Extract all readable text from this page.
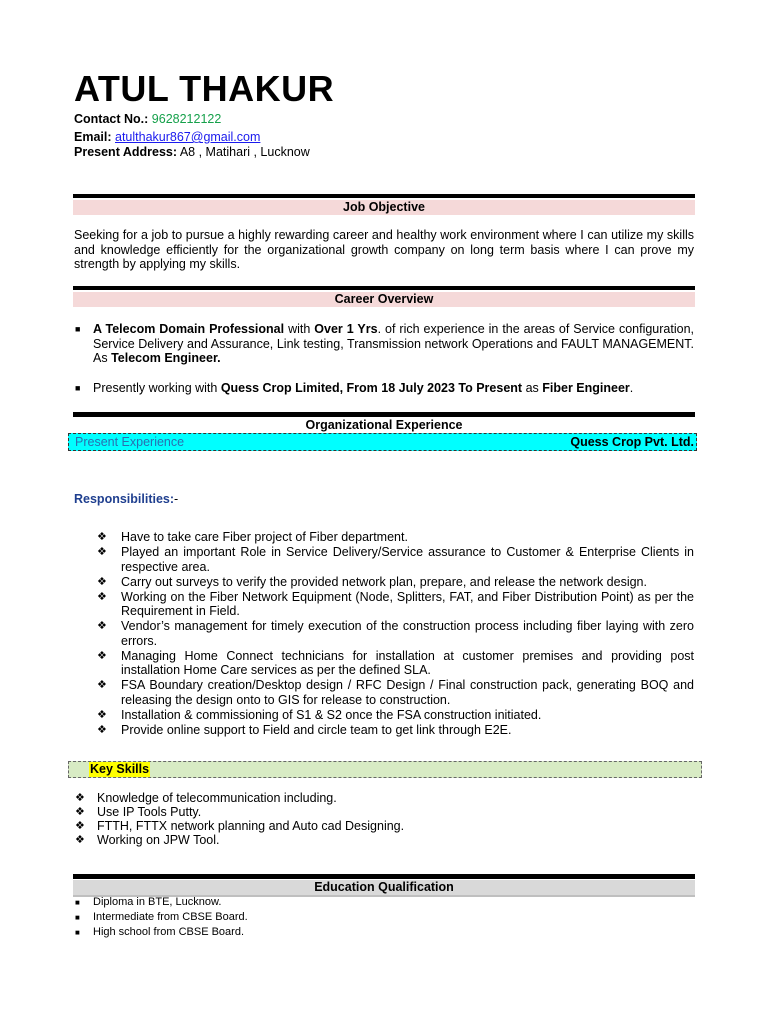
ATUL THAKUR
Contact No.: 9628212122
Email: atulthakur867@gmail.com
Present Address: A8 , Matihari , Lucknow
Job Objective
Seeking for a job to pursue a highly rewarding career and healthy work environment where I can utilize my skills and knowledge efficiently for the organizational growth company on long term basis where I can prove my strength by applying my skills.
Career Overview
■ A Telecom Domain Professional with Over 1 Yrs. of rich experience in the areas of Service configuration, Service Delivery and Assurance, Link testing, Transmission network Operations and FAULT MANAGEMENT. As Telecom Engineer.
■ Presently working with Quess Crop Limited, From 18 July 2023 To Present as Fiber Engineer.
Organizational Experience
Present Experience	Quess Crop Pvt. Ltd.
Responsibilities:-
❖ Have to take care Fiber project of Fiber department.
❖ Played an important Role in Service Delivery/Service assurance to Customer & Enterprise Clients in respective area.
❖ Carry out surveys to verify the provided network plan, prepare, and release the network design.
❖ Working on the Fiber Network Equipment (Node, Splitters, FAT, and Fiber Distribution Point) as per the Requirement in Field.
❖ Vendor’s management for timely execution of the construction process including fiber laying with zero errors.
❖ Managing Home Connect technicians for installation at customer premises and providing post installation Home Care services as per the defined SLA.
❖ FSA Boundary creation/Desktop design / RFC Design / Final construction pack, generating BOQ and releasing the design onto to GIS for release to construction.
❖ Installation & commissioning of S1 & S2 once the FSA construction initiated.
❖ Provide online support to Field and circle team to get link through E2E.
Key Skills
❖ Knowledge of telecommunication including.
❖ Use IP Tools Putty.
❖ FTTH, FTTX network planning and Auto cad Designing.
❖ Working on JPW Tool.
Education Qualification
■ Diploma in BTE, Lucknow.
■ Intermediate from CBSE Board.
■ High school from CBSE Board.
